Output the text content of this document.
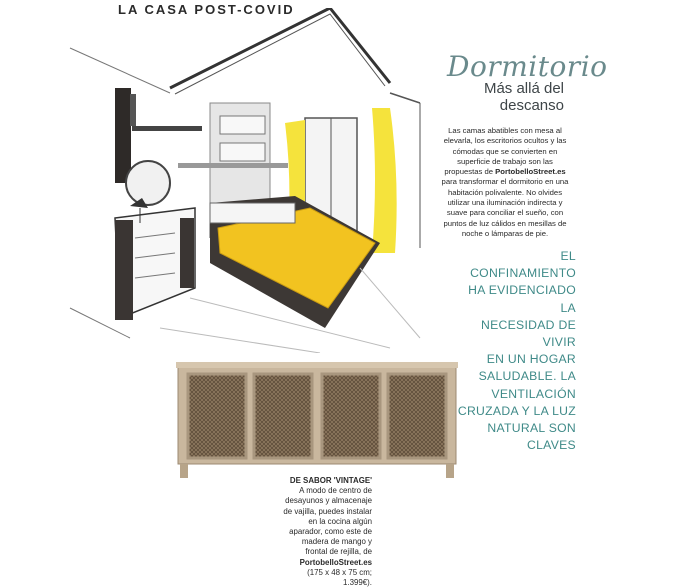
LA CASA POST-COVID
Dormitorio
Más allá del
descanso
Las camas abatibles con mesa al elevarla, los escritorios ocultos y las cómodas que se convierten en superficie de trabajo son las propuestas de PortobelloStreet.es para transformar el dormitorio en una habitación polivalente. No olvides utilizar una iluminación indirecta y suave para conciliar el sueño, con puntos de luz cálidos en mesillas de noche o lámparas de pie.
EL CONFINAMIENTO
HA EVIDENCIADO LA
NECESIDAD DE VIVIR
EN UN HOGAR
SALUDABLE. LA
VENTILACIÓN
CRUZADA Y LA LUZ
NATURAL SON CLAVES
DE SABOR 'VINTAGE'
A modo de centro de desayunos y almacenaje de vajilla, puedes instalar en la cocina algún aparador, como este de madera de mango y frontal de rejilla, de PortobelloStreet.es (175 x 48 x 75 cm; 1.399€).
